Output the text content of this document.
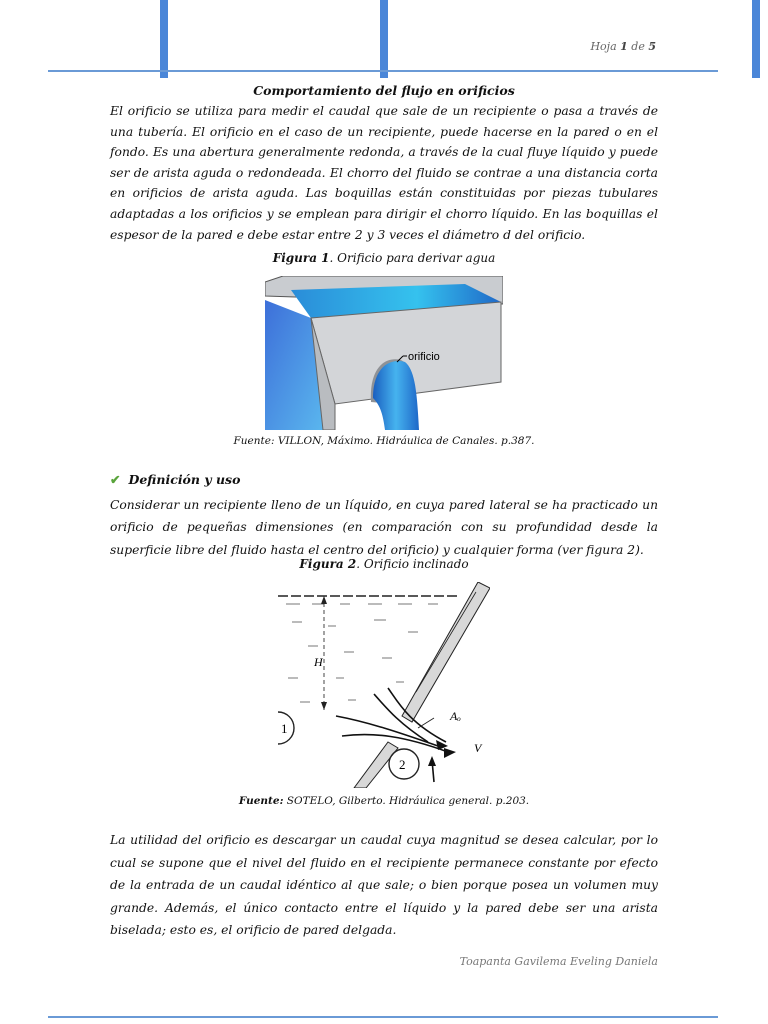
Hoja 1 de 5
Comportamiento del flujo en orificios

El orificio se utiliza para medir el caudal que sale de un recipiente o pasa a través de una tubería. El orificio en el caso de un recipiente, puede hacerse en la pared o en el fondo. Es una abertura generalmente redonda, a través de la cual fluye líquido y puede ser de arista aguda o redondeada. El chorro del fluido se contrae a una distancia corta en orificios de arista aguda. Las boquillas están constituidas por piezas tubulares adaptadas a los orificios y se emplean para dirigir el chorro líquido. En las boquillas el espesor de la pared e debe estar entre 2 y 3 veces el diámetro d del orificio.

Figura 1. Orificio para derivar agua
orificio
Fuente: VILLON, Máximo. Hidráulica de Canales. p.387.
✔ Definición y uso

Considerar un recipiente lleno de un líquido, en cuya pared lateral se ha practicado un orificio de pequeñas dimensiones (en comparación con su profundidad desde la superficie libre del fluido hasta el centro del orificio) y cualquier forma (ver figura 2).

Figura 2. Orificio inclinado
H
1
2
Aₒ
V
Fuente: SOTELO, Gilberto. Hidráulica general. p.203.

La utilidad del orificio es descargar un caudal cuya magnitud se desea calcular, por lo cual se supone que el nivel del fluido en el recipiente permanece constante por efecto de la entrada de un caudal idéntico al que sale; o bien porque posea un volumen muy grande. Además, el único contacto entre el líquido y la pared debe ser una arista biselada; esto es, el orificio de pared delgada.

Toapanta Gavilema Eveling Daniela
